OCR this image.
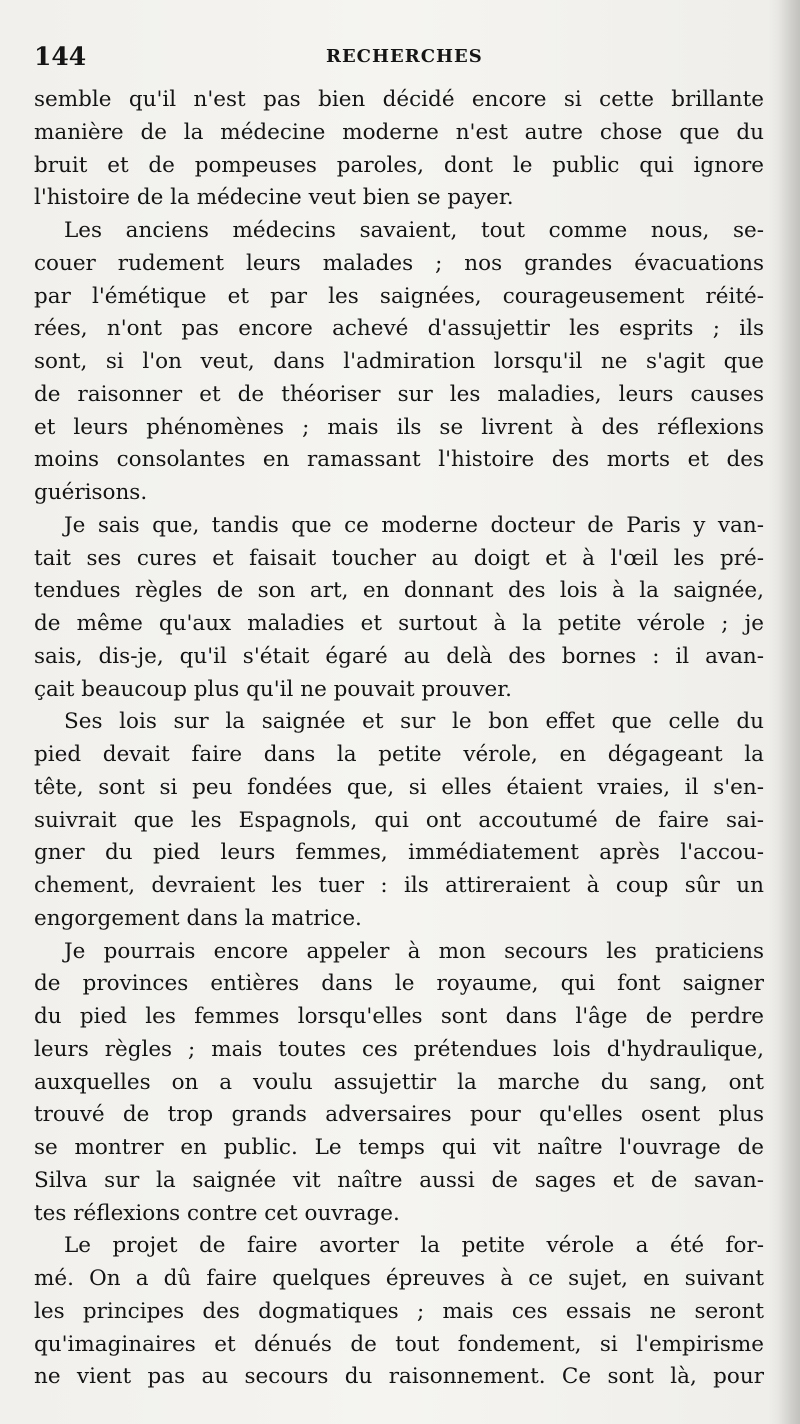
144	RECHERCHES
semble qu'il n'est pas bien décidé encore si cette brillante
manière de la médecine moderne n'est autre chose que du
bruit et de pompeuses paroles, dont le public qui ignore
l'histoire de la médecine veut bien se payer.
Les anciens médecins savaient, tout comme nous, se-
couer rudement leurs malades ; nos grandes évacuations
par l'émétique et par les saignées, courageusement réité-
rées, n'ont pas encore achevé d'assujettir les esprits ; ils
sont, si l'on veut, dans l'admiration lorsqu'il ne s'agit que
de raisonner et de théoriser sur les maladies, leurs causes
et leurs phénomènes ; mais ils se livrent à des réflexions
moins consolantes en ramassant l'histoire des morts et des
guérisons.
Je sais que, tandis que ce moderne docteur de Paris y van-
tait ses cures et faisait toucher au doigt et à l'œil les pré-
tendues règles de son art, en donnant des lois à la saignée,
de même qu'aux maladies et surtout à la petite vérole ; je
sais, dis-je, qu'il s'était égaré au delà des bornes : il avan-
çait beaucoup plus qu'il ne pouvait prouver.
Ses lois sur la saignée et sur le bon effet que celle du
pied devait faire dans la petite vérole, en dégageant la
tête, sont si peu fondées que, si elles étaient vraies, il s'en-
suivrait que les Espagnols, qui ont accoutumé de faire sai-
gner du pied leurs femmes, immédiatement après l'accou-
chement, devraient les tuer : ils attireraient à coup sûr un
engorgement dans la matrice.
Je pourrais encore appeler à mon secours les praticiens
de provinces entières dans le royaume, qui font saigner
du pied les femmes lorsqu'elles sont dans l'âge de perdre
leurs règles ; mais toutes ces prétendues lois d'hydraulique,
auxquelles on a voulu assujettir la marche du sang, ont
trouvé de trop grands adversaires pour qu'elles osent plus
se montrer en public. Le temps qui vit naître l'ouvrage de
Silva sur la saignée vit naître aussi de sages et de savan-
tes réflexions contre cet ouvrage.
Le projet de faire avorter la petite vérole a été for-
mé. On a dû faire quelques épreuves à ce sujet, en suivant
les principes des dogmatiques ; mais ces essais ne seront
qu'imaginaires et dénués de tout fondement, si l'empirisme
ne vient pas au secours du raisonnement. Ce sont là, pour
